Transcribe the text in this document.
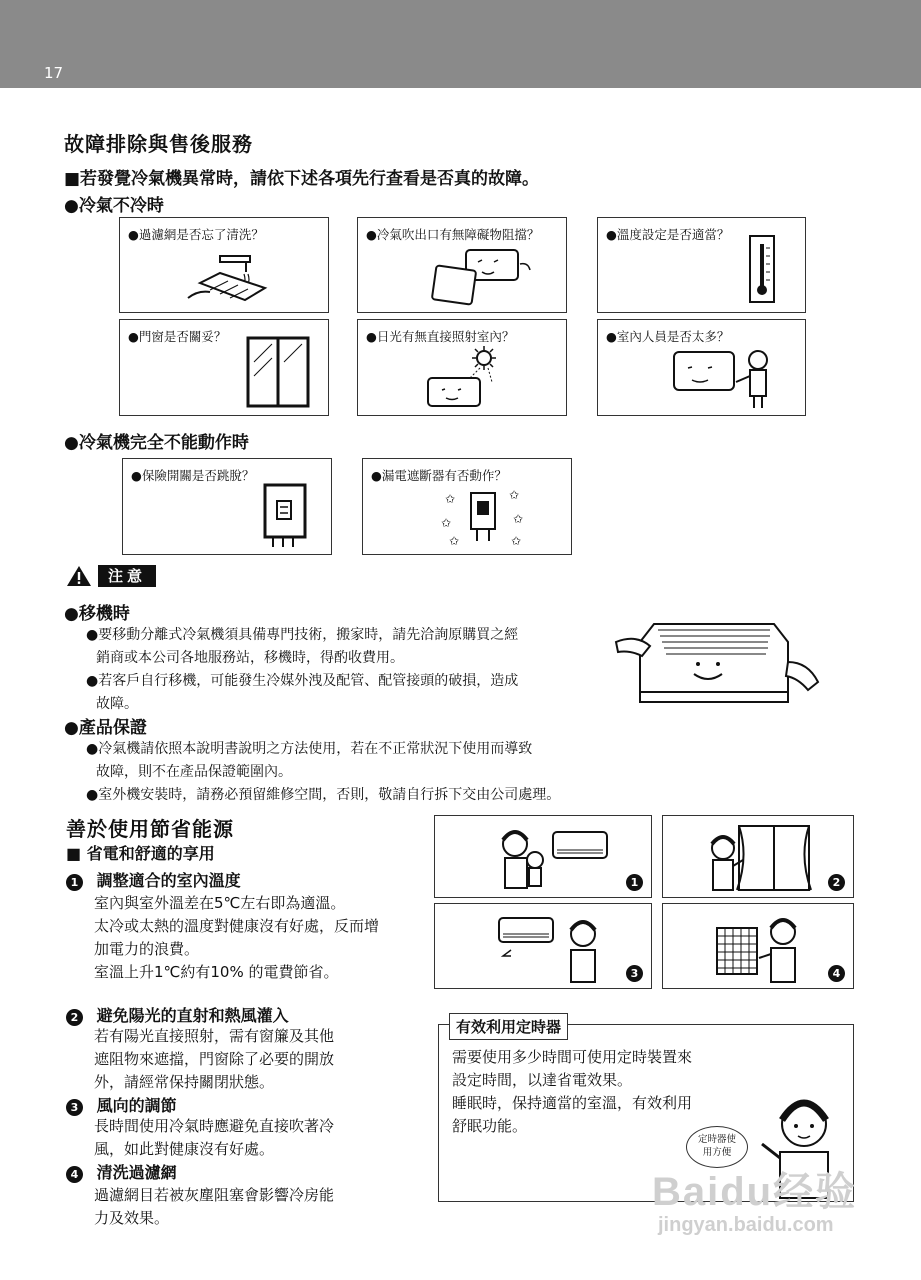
17
故障排除與售後服務
■若發覺冷氣機異常時，請依下述各項先行查看是否真的故障。
●冷氣不冷時
●過濾網是否忘了清洗？	●冷氣吹出口有無障礙物阻擋？	●溫度設定是否適當？
●門窗是否關妥？	●日光有無直接照射室內？	●室內人員是否太多？
●冷氣機完全不能動作時
●保險開關是否跳脫？	●漏電遮斷器有否動作？
✩	✩
✩	✩
✩	✩
注意
●移機時
●要移動分離式冷氣機須具備專門技術，搬家時，請先洽詢原購買之經
銷商或本公司各地服務站，移機時，得酌收費用。
●若客戶自行移機，可能發生冷媒外洩及配管、配管接頭的破損，造成
故障。
●產品保證
●冷氣機請依照本說明書說明之方法使用，若在不正常狀況下使用而導致
故障，則不在產品保證範圍內。
●室外機安裝時，請務必預留維修空間，否則，敬請自行拆下交由公司處理。
善於使用節省能源
■ 省電和舒適的享用
1 調整適合的室內溫度
室內與室外溫差在5℃左右即為適溫。
太冷或太熱的溫度對健康沒有好處，反而增
加電力的浪費。
室溫上升1℃約有10% 的電費節省。
2 避免陽光的直射和熱風灌入
若有陽光直接照射，需有窗簾及其他
遮阻物來遮擋，門窗除了必要的開放
外，請經常保持關閉狀態。
3 風向的調節
長時間使用冷氣時應避免直接吹著冷
風，如此對健康沒有好處。
4 清洗過濾網
過濾網目若被灰塵阻塞會影響冷房能
力及效果。
1	2
3	4
有效利用定時器
需要使用多少時間可使用定時裝置來
設定時間，以達省電效果。
睡眠時，保持適當的室溫，有效利用
舒眠功能。
定時器使
用方便
Baidu经验
jingyan.baidu.com
